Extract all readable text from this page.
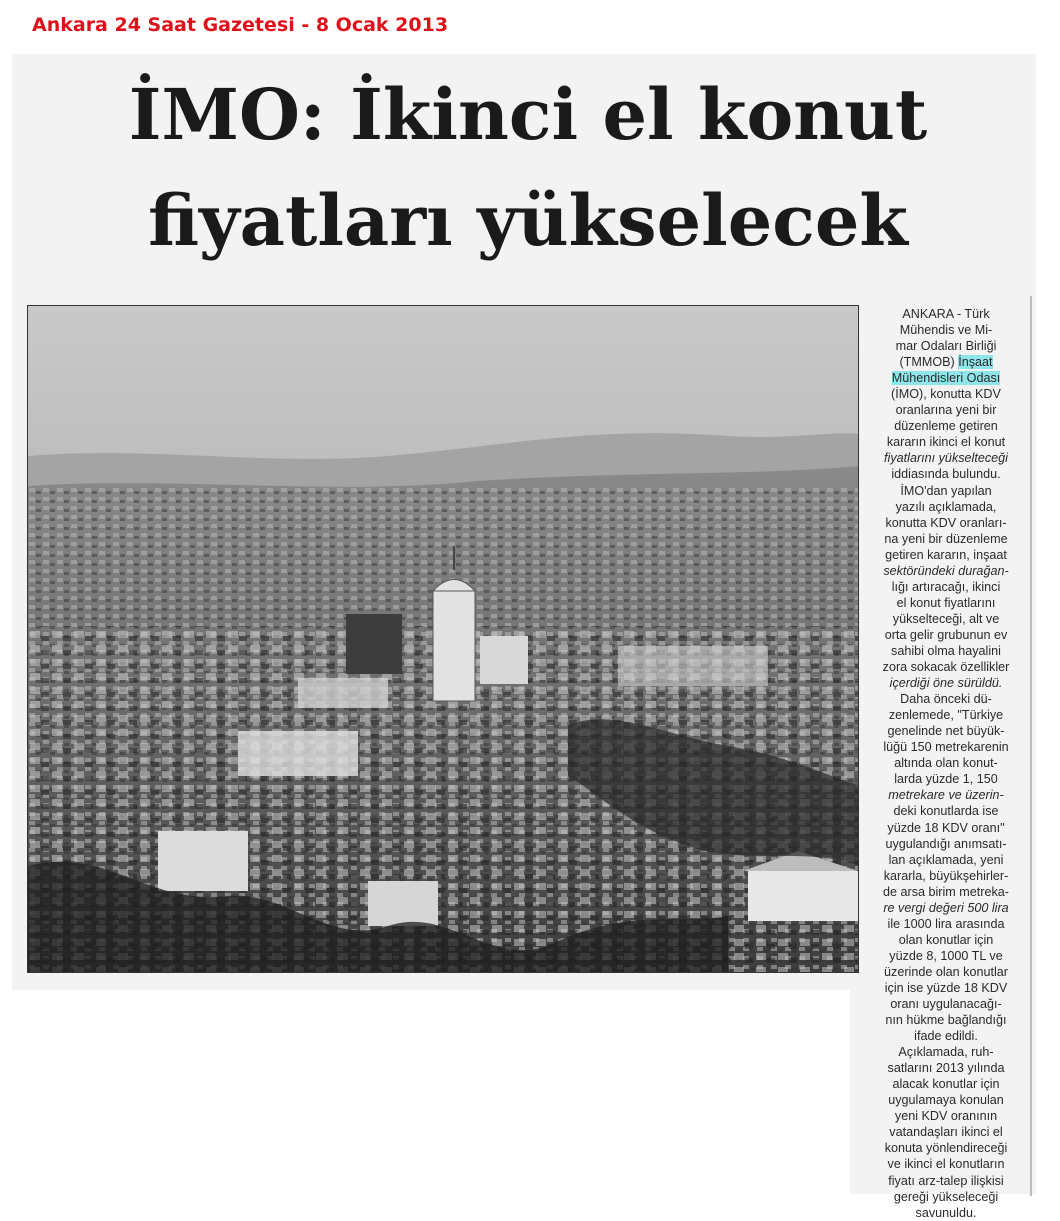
Ankara 24 Saat Gazetesi - 8 Ocak 2013
İMO: İkinci el konut
fiyatları yükselecek
ANKARA - Türk
Mühendis ve Mi-
mar Odaları Birliği
(TMMOB) İnşaat
Mühendisleri Odası
(İMO), konutta KDV
oranlarına yeni bir
düzenleme getiren
kararın ikinci el konut
fiyatlarını yükselteceği
iddiasında bulundu.
İMO'dan yapılan
yazılı açıklamada,
konutta KDV oranları-
na yeni bir düzenleme
getiren kararın, inşaat
sektöründeki durağan-
lığı artıracağı, ikinci
el konut fiyatlarını
yükselteceği, alt ve
orta gelir grubunun ev
sahibi olma hayalini
zora sokacak özellikler
içerdiği öne sürüldü.
Daha önceki dü-
zenlemede, "Türkiye
genelinde net büyük-
lüğü 150 metrekarenin
altında olan konut-
larda yüzde 1, 150
metrekare ve üzerin-
deki konutlarda ise
yüzde 18 KDV oranı"
uygulandığı anımsatı-
lan açıklamada, yeni
kararla, büyükşehirler-
de arsa birim metreka-
re vergi değeri 500 lira
ile 1000 lira arasında
olan konutlar için
yüzde 8, 1000 TL ve
üzerinde olan konutlar
için ise yüzde 18 KDV
oranı uygulanacağı-
nın hükme bağlandığı
ifade edildi.
Açıklamada, ruh-
satlarını 2013 yılında
alacak konutlar için
uygulamaya konulan
yeni KDV oranının
vatandaşları ikinci el
konuta yönlendireceği
ve ikinci el konutların
fiyatı arz-talep ilişkisi
gereği yükseleceği
savunuldu.
